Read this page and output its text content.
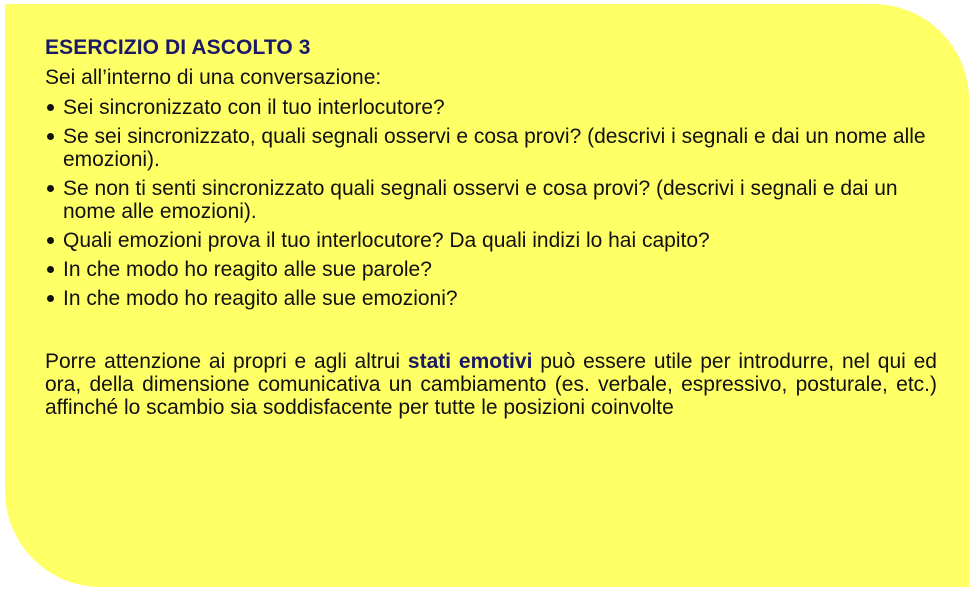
ESERCIZIO DI ASCOLTO 3
Sei all’interno di una conversazione:
Sei sincronizzato con il tuo interlocutore?
Se sei sincronizzato, quali segnali osservi e cosa provi? (descrivi i segnali e dai un nome alle emozioni).
Se non ti senti sincronizzato quali segnali osservi e cosa provi? (descrivi i segnali e dai un nome alle emozioni).
Quali emozioni prova il tuo interlocutore? Da quali indizi lo hai capito?
In che modo ho reagito alle sue parole?
In che modo ho reagito alle sue emozioni?

Porre attenzione ai propri e agli altrui stati emotivi può essere utile per introdurre, nel qui ed ora, della dimensione comunicativa un cambiamento (es. verbale, espressivo, posturale, etc.) affinché lo scambio sia soddisfacente per tutte le posizioni coinvolte
